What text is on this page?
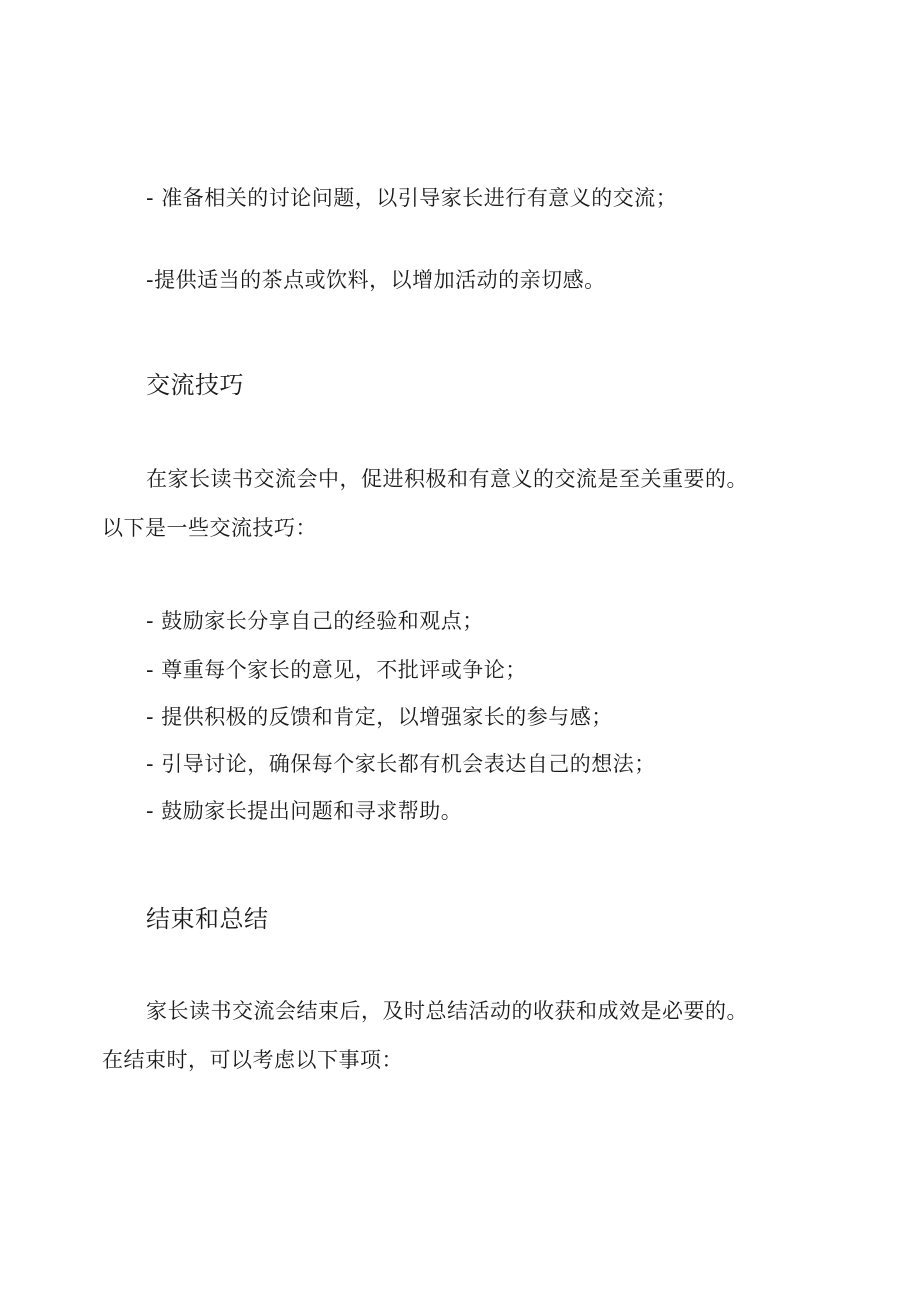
- 准备相关的讨论问题，以引导家长进行有意义的交流；
-提供适当的茶点或饮料，以增加活动的亲切感。
交流技巧
在家长读书交流会中，促进积极和有意义的交流是至关重要的。
以下是一些交流技巧：
- 鼓励家长分享自己的经验和观点；
- 尊重每个家长的意见，不批评或争论；
- 提供积极的反馈和肯定，以增强家长的参与感；
- 引导讨论，确保每个家长都有机会表达自己的想法；
- 鼓励家长提出问题和寻求帮助。
结束和总结
家长读书交流会结束后，及时总结活动的收获和成效是必要的。
在结束时，可以考虑以下事项：
